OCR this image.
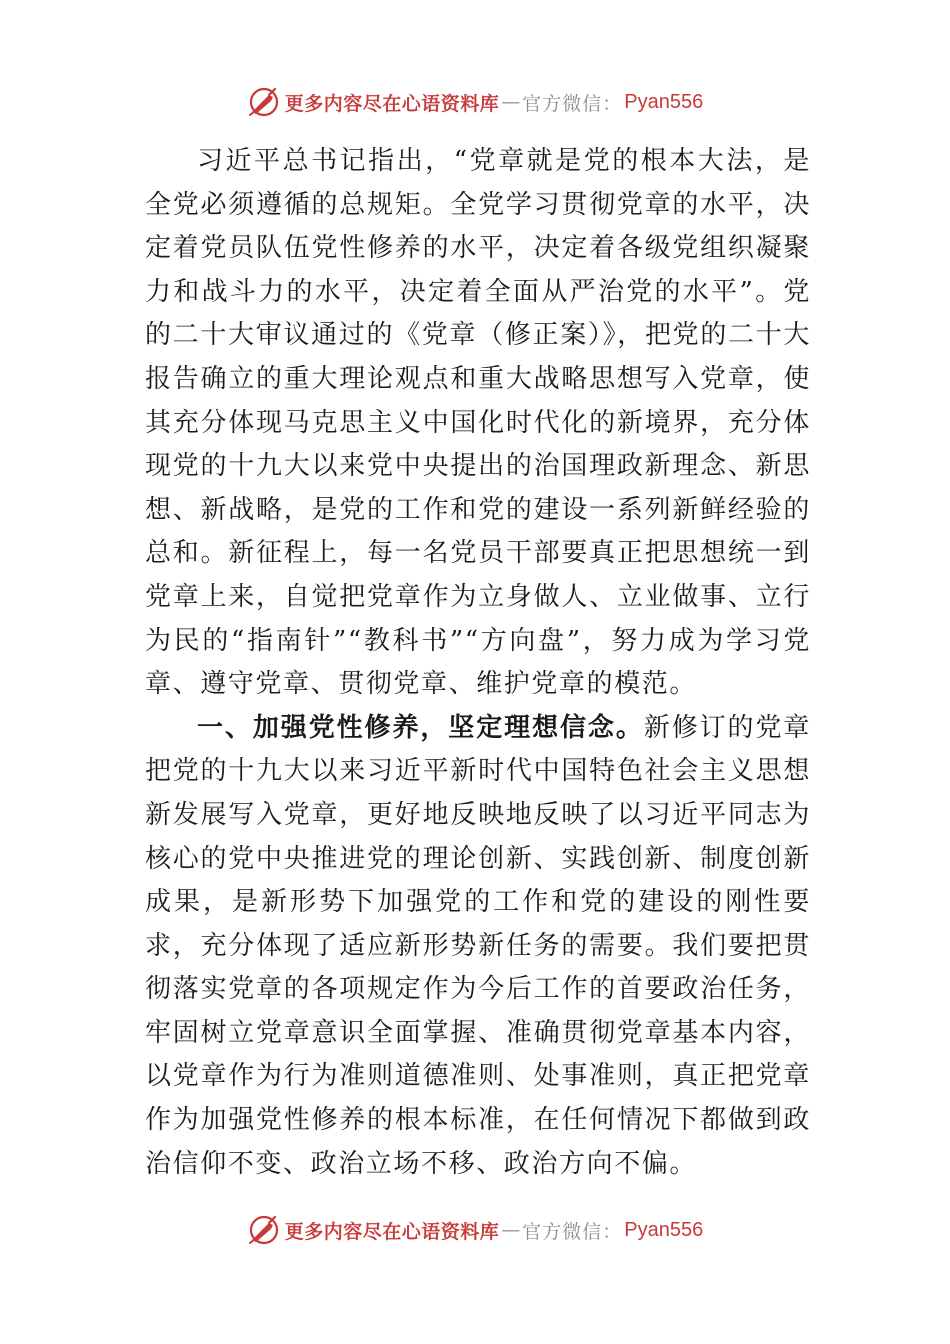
更多内容尽在心语资料库 — 官方微信： Pyan556

习近平总书记指出，“党章就是党的根本大法，是全党必须遵循的总规矩。全党学习贯彻党章的水平，决定着党员队伍党性修养的水平，决定着各级党组织凝聚力和战斗力的水平，决定着全面从严治党的水平”。党的二十大审议通过的《党章（修正案）》，把党的二十大报告确立的重大理论观点和重大战略思想写入党章，使其充分体现马克思主义中国化时代化的新境界，充分体现党的十九大以来党中央提出的治国理政新理念、新思想、新战略，是党的工作和党的建设一系列新鲜经验的总和。新征程上，每一名党员干部要真正把思想统一到党章上来，自觉把党章作为立身做人、立业做事、立行为民的“指南针”“教科书”“方向盘”，努力成为学习党章、遵守党章、贯彻党章、维护党章的模范。

一、加强党性修养，坚定理想信念。新修订的党章把党的十九大以来习近平新时代中国特色社会主义思想新发展写入党章，更好地反映地反映了以习近平同志为核心的党中央推进党的理论创新、实践创新、制度创新成果，是新形势下加强党的工作和党的建设的刚性要求，充分体现了适应新形势新任务的需要。我们要把贯彻落实党章的各项规定作为今后工作的首要政治任务，牢固树立党章意识全面掌握、准确贯彻党章基本内容，以党章作为行为准则道德准则、处事准则，真正把党章作为加强党性修养的根本标准，在任何情况下都做到政治信仰不变、政治立场不移、政治方向不偏。

更多内容尽在心语资料库 — 官方微信： Pyan556
